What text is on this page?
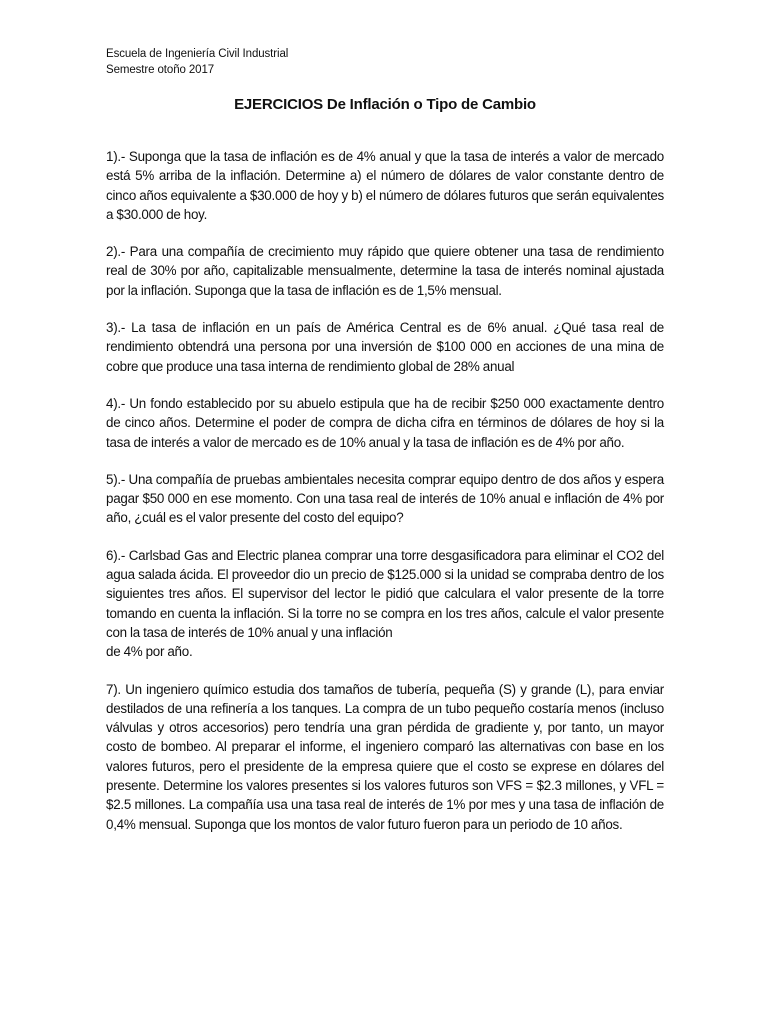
Escuela de Ingeniería Civil Industrial
Semestre otoño 2017
EJERCICIOS De Inflación o Tipo de Cambio

1).- Suponga que la tasa de inflación es de 4% anual y que la tasa de interés a valor de mercado está 5% arriba de la inflación. Determine a) el número de dólares de valor constante dentro de cinco años equivalente a $30.000 de hoy y b) el número de dólares futuros que serán equivalentes a $30.000 de hoy.

2).- Para una compañía de crecimiento muy rápido que quiere obtener una tasa de rendimiento real de 30% por año, capitalizable mensualmente, determine la tasa de interés nominal ajustada por la inflación. Suponga que la tasa de inflación es de 1,5% mensual.

3).- La tasa de inflación en un país de América Central es de 6% anual. ¿Qué tasa real de rendimiento obtendrá una persona por una inversión de $100 000 en acciones de una mina de cobre que produce una tasa interna de rendimiento global de 28% anual

4).- Un fondo establecido por su abuelo estipula que ha de recibir $250 000 exactamente dentro de cinco años. Determine el poder de compra de dicha cifra en términos de dólares de hoy si la tasa de interés a valor de mercado es de 10% anual y la tasa de inflación es de 4% por año.

5).- Una compañía de pruebas ambientales necesita comprar equipo dentro de dos años y espera pagar $50 000 en ese momento. Con una tasa real de interés de 10% anual e inflación de 4% por año, ¿cuál es el valor presente del costo del equipo?

6).- Carlsbad Gas and Electric planea comprar una torre desgasificadora para eliminar el CO2 del agua salada ácida. El proveedor dio un precio de $125.000 si la unidad se compraba dentro de los siguientes tres años. El supervisor del lector le pidió que calculara el valor presente de la torre tomando en cuenta la inflación. Si la torre no se compra en los tres años, calcule el valor presente con la tasa de interés de 10% anual y una inflación
de 4% por año.

7). Un ingeniero químico estudia dos tamaños de tubería, pequeña (S) y grande (L), para enviar destilados de una refinería a los tanques. La compra de un tubo pequeño costaría menos (incluso válvulas y otros accesorios) pero tendría una gran pérdida de gradiente y, por tanto, un mayor costo de bombeo. Al preparar el informe, el ingeniero comparó las alternativas con base en los valores futuros, pero el presidente de la empresa quiere que el costo se exprese en dólares del presente. Determine los valores presentes si los valores futuros son VFS = $2.3 millones, y VFL = $2.5 millones. La compañía usa una tasa real de interés de 1% por mes y una tasa de inflación de 0,4% mensual. Suponga que los montos de valor futuro fueron para un periodo de 10 años.
